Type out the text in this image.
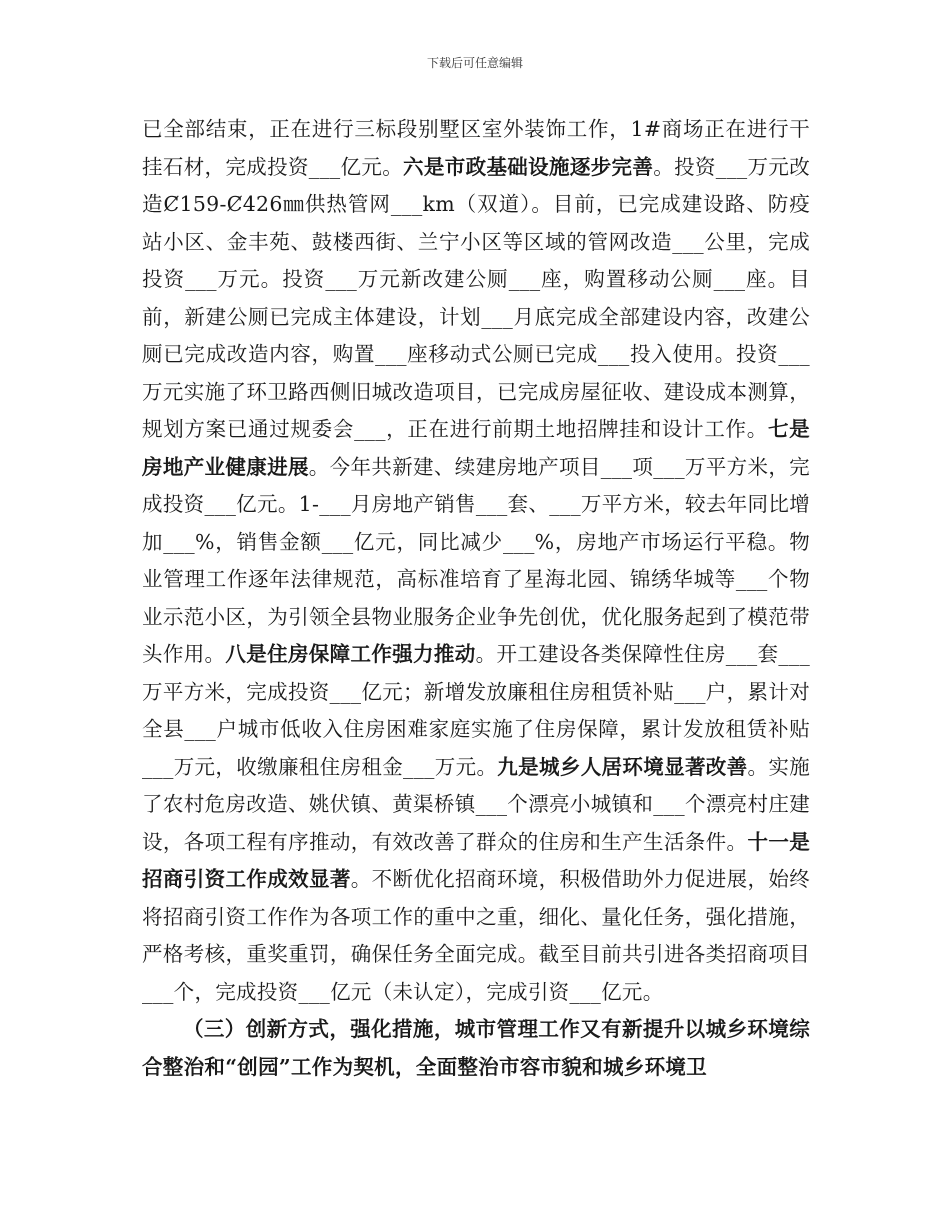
下载后可任意编辑

已全部结束，正在进行三标段别墅区室外装饰工作，1#商场正在进行干挂石材，完成投资___亿元。六是市政基础设施逐步完善。投资___万元改造Ȼ159-Ȼ426㎜供热管网___km（双道）。目前，已完成建设路、防疫站小区、金丰苑、鼓楼西街、兰宁小区等区域的管网改造___公里，完成投资___万元。投资___万元新改建公厕___座，购置移动公厕___座。目前，新建公厕已完成主体建设，计划___月底完成全部建设内容，改建公厕已完成改造内容，购置___座移动式公厕已完成___投入使用。投资___万元实施了环卫路西侧旧城改造项目，已完成房屋征收、建设成本测算，规划方案已通过规委会___，正在进行前期土地招牌挂和设计工作。七是房地产业健康进展。今年共新建、续建房地产项目___项___万平方米，完成投资___亿元。1-___月房地产销售___套、___万平方米，较去年同比增加___%，销售金额___亿元，同比减少___%，房地产市场运行平稳。物业管理工作逐年法律规范，高标准培育了星海北园、锦绣华城等___个物业示范小区，为引领全县物业服务企业争先创优，优化服务起到了模范带头作用。八是住房保障工作强力推动。开工建设各类保障性住房___套___万平方米，完成投资___亿元；新增发放廉租住房租赁补贴___户，累计对全县___户城市低收入住房困难家庭实施了住房保障，累计发放租赁补贴___万元，收缴廉租住房租金___万元。九是城乡人居环境显著改善。实施了农村危房改造、姚伏镇、黄渠桥镇___个漂亮小城镇和___个漂亮村庄建设，各项工程有序推动，有效改善了群众的住房和生产生活条件。十一是招商引资工作成效显著。不断优化招商环境，积极借助外力促进展，始终将招商引资工作作为各项工作的重中之重，细化、量化任务，强化措施，严格考核，重奖重罚，确保任务全面完成。截至目前共引进各类招商项目___个，完成投资___亿元（未认定），完成引资___亿元。

（三）创新方式，强化措施，城市管理工作又有新提升以城乡环境综合整治和“创园”工作为契机，全面整治市容市貌和城乡环境卫
